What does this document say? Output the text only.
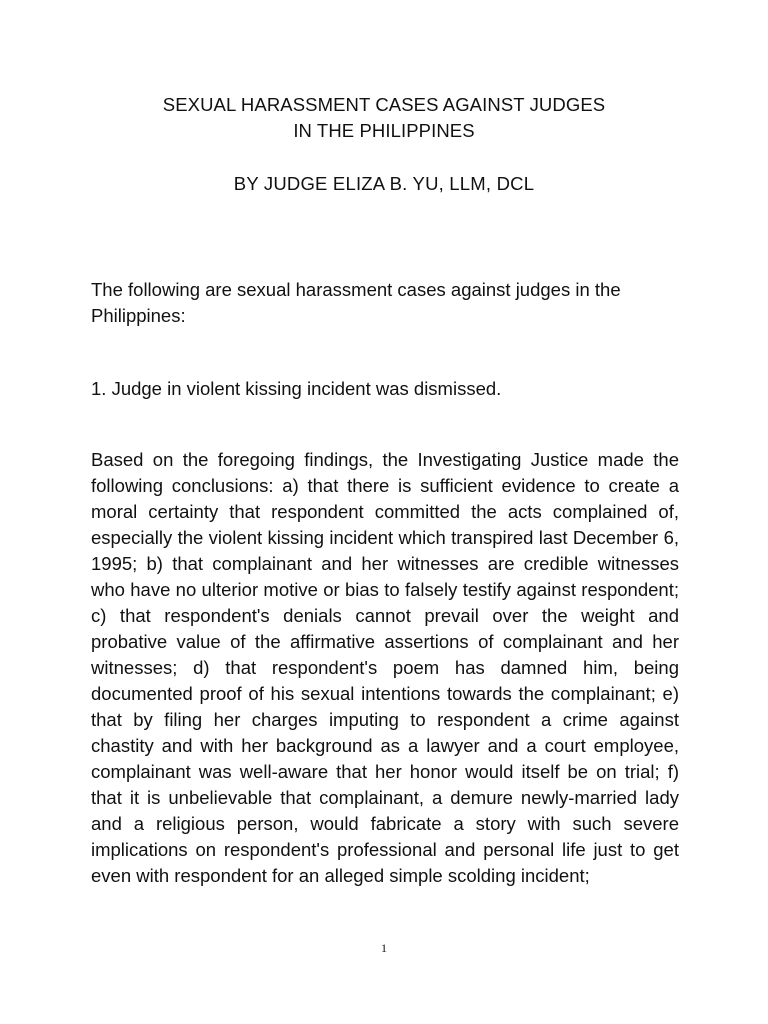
SEXUAL HARASSMENT CASES AGAINST JUDGES
IN THE PHILIPPINES
BY JUDGE ELIZA B. YU, LLM, DCL

The following are sexual harassment cases against judges in the Philippines:

1. Judge in violent kissing incident was dismissed.

Based on the foregoing findings, the Investigating Justice made the following conclusions: a) that there is sufficient evidence to create a moral certainty that respondent committed the acts complained of, especially the violent kissing incident which transpired last December 6, 1995; b) that complainant and her witnesses are credible witnesses who have no ulterior motive or bias to falsely testify against respondent; c) that respondent's denials cannot prevail over the weight and probative value of the affirmative assertions of complainant and her witnesses; d) that respondent's poem has damned him, being documented proof of his sexual intentions towards the complainant; e) that by filing her charges imputing to respondent a crime against chastity and with her background as a lawyer and a court employee, complainant was well-aware that her honor would itself be on trial; f) that it is unbelievable that complainant, a demure newly-married lady and a religious person, would fabricate a story with such severe implications on respondent's professional and personal life just to get even with respondent for an alleged simple scolding incident;

1
